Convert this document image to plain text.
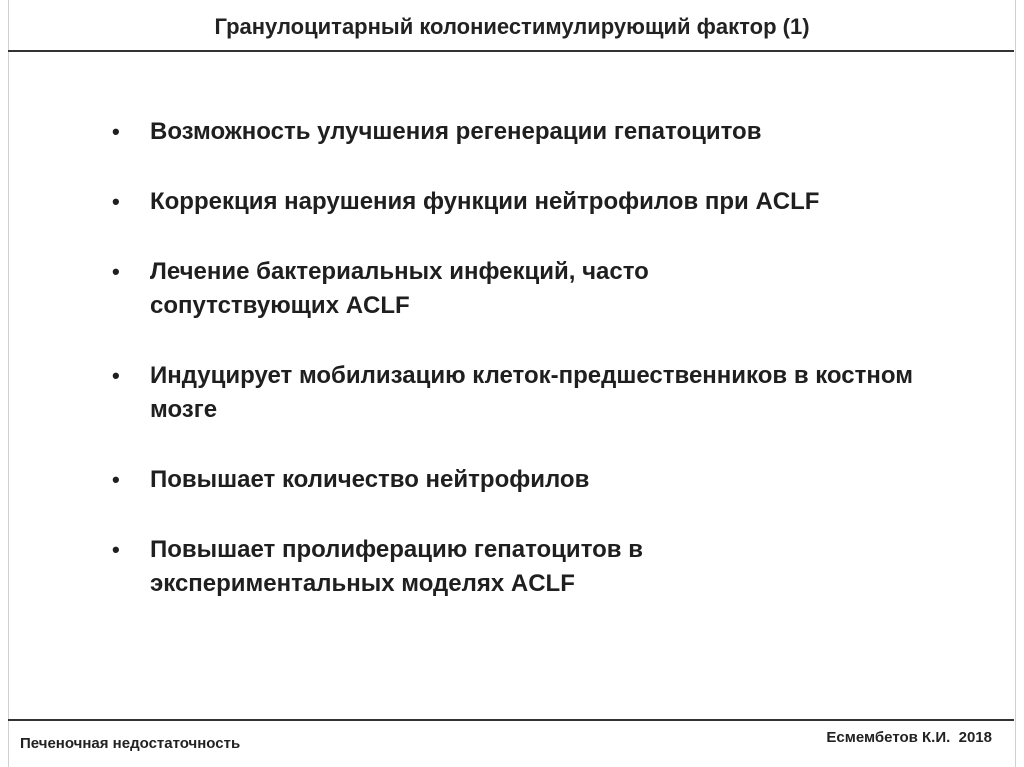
Гранулоцитарный колониестимулирующий фактор (1)
• Возможность улучшения регенерации гепатоцитов
• Коррекция нарушения функции нейтрофилов при ACLF
• Лечение бактериальных инфекций, часто сопутствующих ACLF
• Индуцирует мобилизацию клеток-предшественников в костном мозге
• Повышает количество нейтрофилов
• Повышает пролиферацию гепатоцитов в экспериментальных моделях ACLF
Печеночная недостаточность	Есмембетов К.И.  2018
